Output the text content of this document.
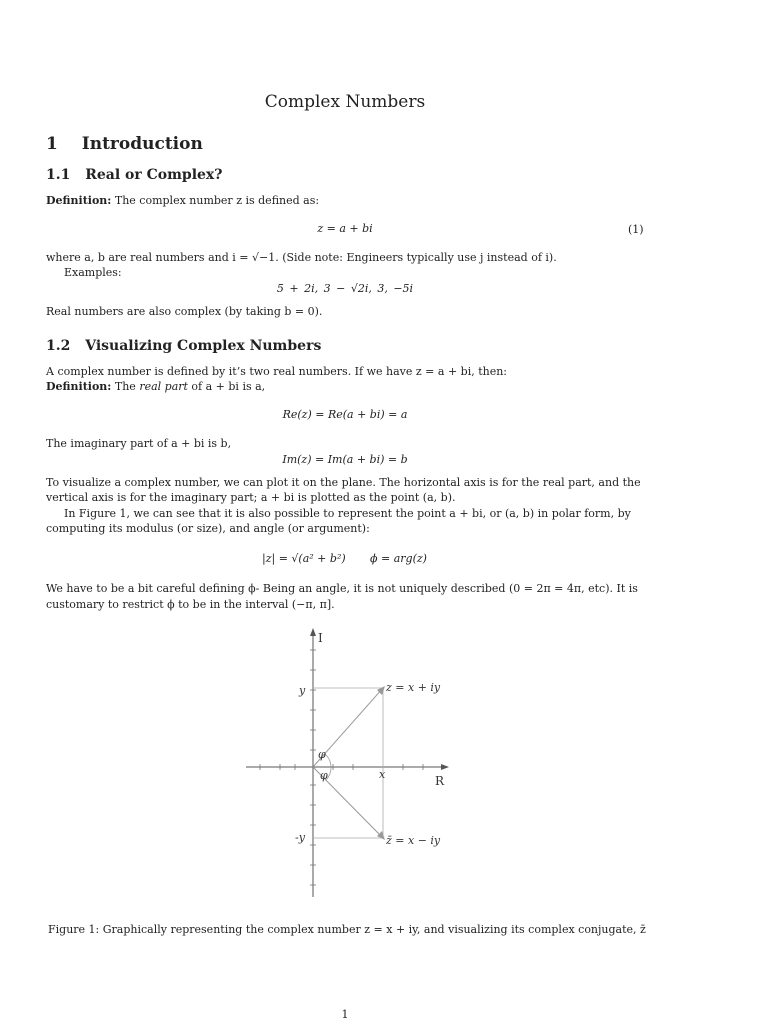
Complex Numbers
1 Introduction
1.1 Real or Complex?
Definition: The complex number z is defined as:
z = a + bi	(1)
where a, b are real numbers and i = √−1. (Side note: Engineers typically use j instead of i).
Examples:
5 + 2i, 3 − √2i, 3, −5i
Real numbers are also complex (by taking b = 0).
1.2 Visualizing Complex Numbers
A complex number is defined by it’s two real numbers. If we have z = a + bi, then:
Definition: The real part of a + bi is a,
Re(z) = Re(a + bi) = a
The imaginary part of a + bi is b,
Im(z) = Im(a + bi) = b
To visualize a complex number, we can plot it on the plane. The horizontal axis is for the real part, and the
vertical axis is for the imaginary part; a + bi is plotted as the point (a, b).
In Figure 1, we can see that it is also possible to represent the point a + bi, or (a, b) in polar form, by
computing its modulus (or size), and angle (or argument):
|z| = √(a² + b²) ϕ = arg(z)
We have to be a bit careful defining ϕ- Being an angle, it is not uniquely described (0 = 2π = 4π, etc). It is
customary to restrict ϕ to be in the interval (−π, π].
I
R
y
-y
x
φ
φ
z = x + iy
z̄ = x − iy
Figure 1: Graphically representing the complex number z = x + iy, and visualizing its complex conjugate, z̄
1
